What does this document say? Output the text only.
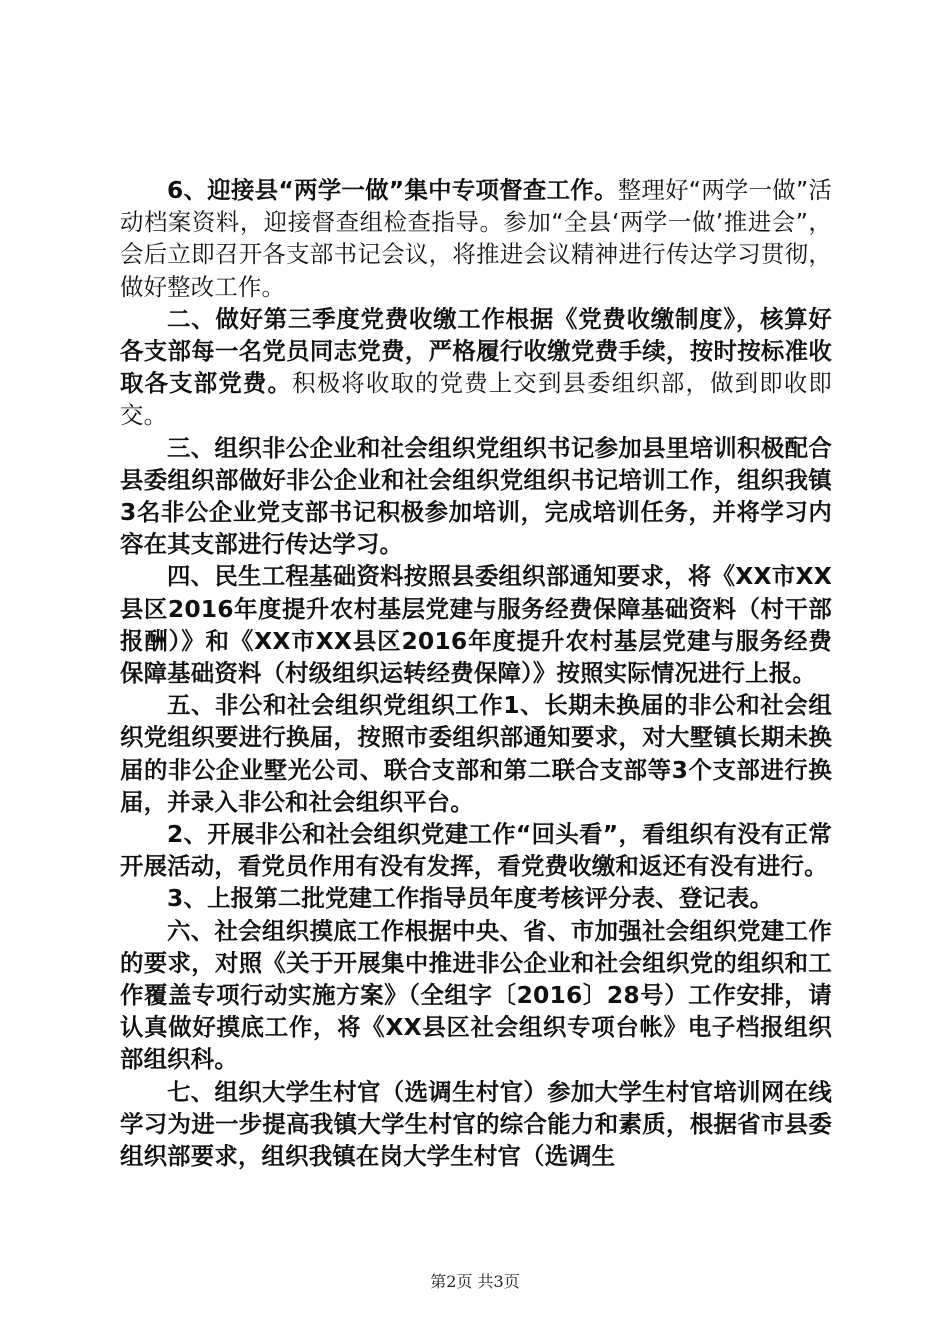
6、迎接县“两学一做”集中专项督查工作。整理好“两学一做”活动档案资料，迎接督查组检查指导。参加“全县‘两学一做’推进会”，会后立即召开各支部书记会议，将推进会议精神进行传达学习贯彻，做好整改工作。

二、做好第三季度党费收缴工作根据《党费收缴制度》，核算好各支部每一名党员同志党费，严格履行收缴党费手续，按时按标准收取各支部党费。积极将收取的党费上交到县委组织部，做到即收即交。

三、组织非公企业和社会组织党组织书记参加县里培训积极配合县委组织部做好非公企业和社会组织党组织书记培训工作，组织我镇3名非公企业党支部书记积极参加培训，完成培训任务，并将学习内容在其支部进行传达学习。

四、民生工程基础资料按照县委组织部通知要求，将《XX市XX县区2016年度提升农村基层党建与服务经费保障基础资料（村干部报酬）》和《XX市XX县区2016年度提升农村基层党建与服务经费保障基础资料（村级组织运转经费保障）》按照实际情况进行上报。

五、非公和社会组织党组织工作1、长期未换届的非公和社会组织党组织要进行换届，按照市委组织部通知要求，对大墅镇长期未换届的非公企业墅光公司、联合支部和第二联合支部等3个支部进行换届，并录入非公和社会组织平台。

2、开展非公和社会组织党建工作“回头看”，看组织有没有正常开展活动，看党员作用有没有发挥，看党费收缴和返还有没有进行。

3、上报第二批党建工作指导员年度考核评分表、登记表。

六、社会组织摸底工作根据中央、省、市加强社会组织党建工作的要求，对照《关于开展集中推进非公企业和社会组织党的组织和工作覆盖专项行动实施方案》（全组字〔2016〕28号）工作安排，请认真做好摸底工作，将《XX县区社会组织专项台帐》电子档报组织部组织科。

七、组织大学生村官（选调生村官）参加大学生村官培训网在线学习为进一步提高我镇大学生村官的综合能力和素质，根据省市县委组织部要求，组织我镇在岗大学生村官（选调生

第2页 共3页
